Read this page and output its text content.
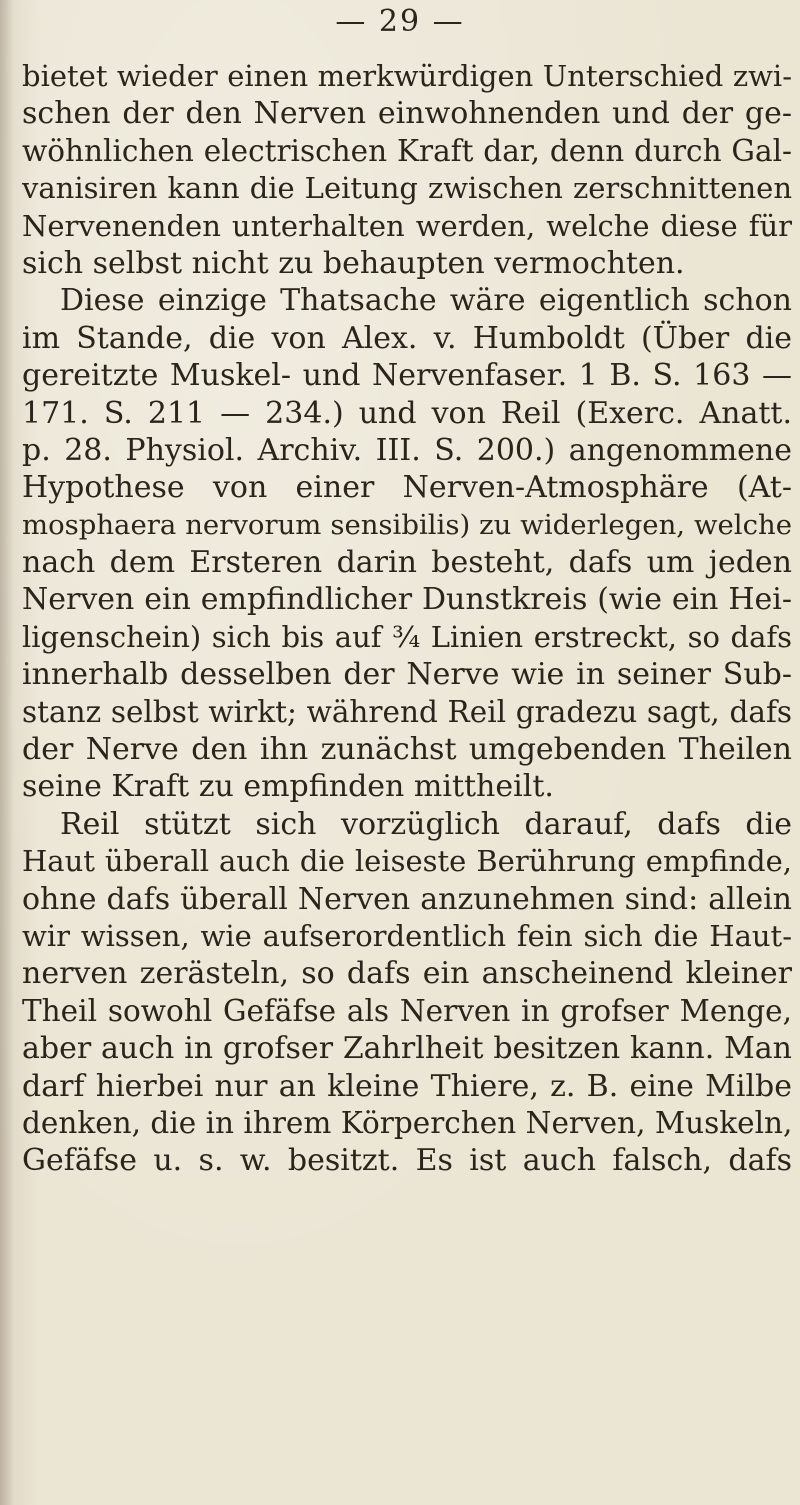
— 29 —
bietet wieder einen merkwürdigen Unterschied zwi-
schen der den Nerven einwohnenden und der ge-
wöhnlichen electrischen Kraft dar, denn durch Gal-
vanisiren kann die Leitung zwischen zerschnittenen
Nervenenden unterhalten werden, welche diese für
sich selbst nicht zu behaupten vermochten.
Diese einzige Thatsache wäre eigentlich schon
im Stande, die von Alex. v. Humboldt (Über die
gereitzte Muskel- und Nervenfaser. 1 B. S. 163 —
171. S. 211 — 234.) und von Reil (Exerc. Anatt.
p. 28. Physiol. Archiv. III. S. 200.) angenommene
Hypothese von einer Nerven-Atmosphäre (At-
mosphaera nervorum sensibilis) zu widerlegen, welche
nach dem Ersteren darin besteht, dafs um jeden
Nerven ein empfindlicher Dunstkreis (wie ein Hei-
ligenschein) sich bis auf ¾ Linien erstreckt, so dafs
innerhalb desselben der Nerve wie in seiner Sub-
stanz selbst wirkt; während Reil gradezu sagt, dafs
der Nerve den ihn zunächst umgebenden Theilen
seine Kraft zu empfinden mittheilt.
Reil stützt sich vorzüglich darauf, dafs die
Haut überall auch die leiseste Berührung empfinde,
ohne dafs überall Nerven anzunehmen sind: allein
wir wissen, wie aufserordentlich fein sich die Haut-
nerven zerästeln, so dafs ein anscheinend kleiner
Theil sowohl Gefäfse als Nerven in grofser Menge,
aber auch in grofser Zahrlheit besitzen kann. Man
darf hierbei nur an kleine Thiere, z. B. eine Milbe
denken, die in ihrem Körperchen Nerven, Muskeln,
Gefäfse u. s. w. besitzt. Es ist auch falsch, dafs
